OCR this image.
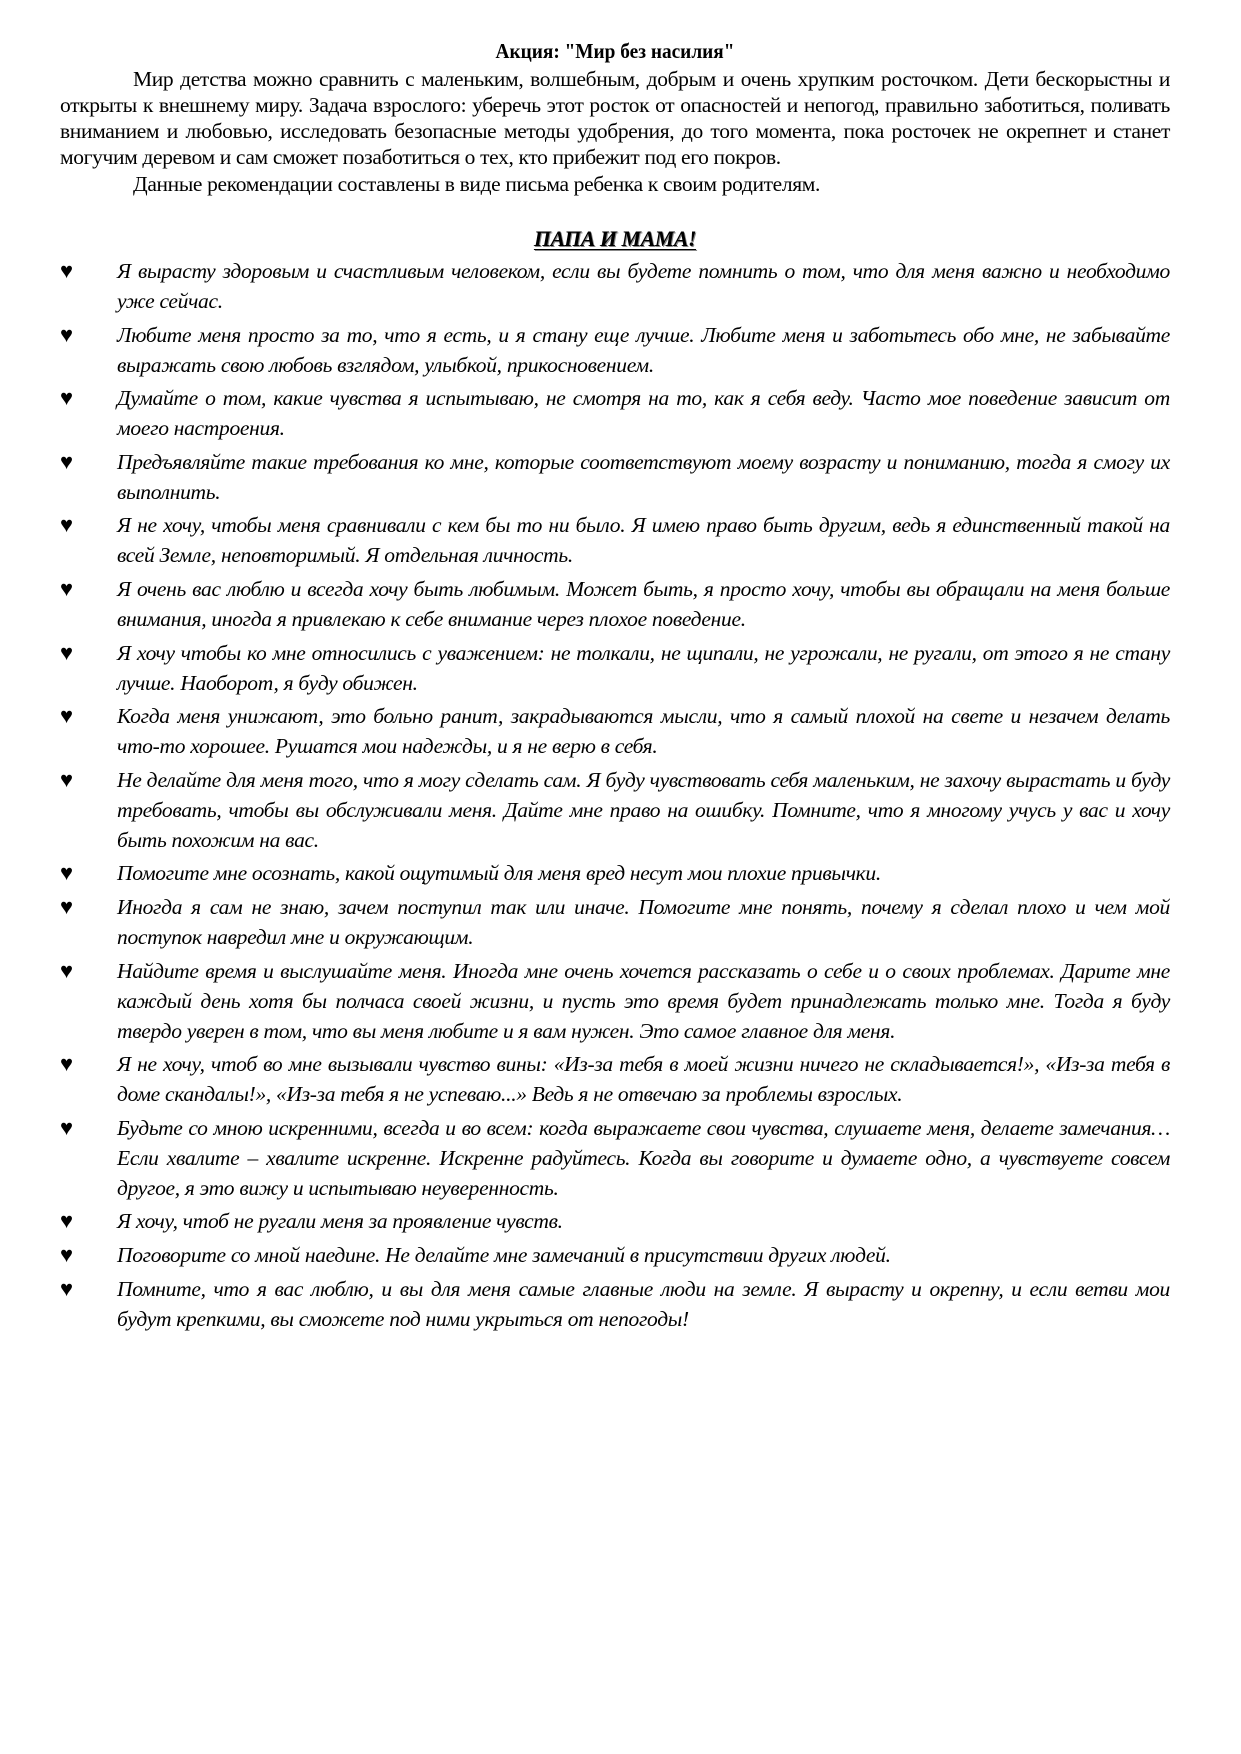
Акция: "Мир без насилия"

Мир детства можно сравнить с маленьким, волшебным, добрым и очень хрупким росточком. Дети бескорыстны и открыты к внешнему миру. Задача взрослого: уберечь этот росток от опасностей и непогод, правильно заботиться, поливать вниманием и любовью, исследовать безопасные методы удобрения, до того момента, пока росточек не окрепнет и станет могучим деревом и сам сможет позаботиться о тех, кто прибежит под его покров.

Данные рекомендации составлены в виде письма ребенка к своим родителям.

ПАПА И МАМА!
♥ Я вырасту здоровым и счастливым человеком, если вы будете помнить о том, что для меня важно и необходимо уже сейчас.
♥ Любите меня просто за то, что я есть, и я стану еще лучше. Любите меня и заботьтесь обо мне, не забывайте выражать свою любовь взглядом, улыбкой, прикосновением.
♥ Думайте о том, какие чувства я испытываю, не смотря на то, как я себя веду. Часто мое поведение зависит от моего настроения.
♥ Предъявляйте такие требования ко мне, которые соответствуют моему возрасту и пониманию, тогда я смогу их выполнить.
♥ Я не хочу, чтобы меня сравнивали с кем бы то ни было. Я имею право быть другим, ведь я единственный такой на всей Земле, неповторимый. Я отдельная личность.
♥ Я очень вас люблю и всегда хочу быть любимым. Может быть, я просто хочу, чтобы вы обращали на меня больше внимания, иногда я привлекаю к себе внимание через плохое поведение.
♥ Я хочу чтобы ко мне относились с уважением: не толкали, не щипали, не угрожали, не ругали, от этого я не стану лучше. Наоборот, я буду обижен.
♥ Когда меня унижают, это больно ранит, закрадываются мысли, что я самый плохой на свете и незачем делать что-то хорошее. Рушатся мои надежды, и я не верю в себя.
♥ Не делайте для меня того, что я могу сделать сам. Я буду чувствовать себя маленьким, не захочу вырастать и буду требовать, чтобы вы обслуживали меня. Дайте мне право на ошибку. Помните, что я многому учусь у вас и хочу быть похожим на вас.
♥ Помогите мне осознать, какой ощутимый для меня вред несут мои плохие привычки.
♥ Иногда я сам не знаю, зачем поступил так или иначе. Помогите мне понять, почему я сделал плохо и чем мой поступок навредил мне и окружающим.
♥ Найдите время и выслушайте меня. Иногда мне очень хочется рассказать о себе и о своих проблемах. Дарите мне каждый день хотя бы полчаса своей жизни, и пусть это время будет принадлежать только мне. Тогда я буду твердо уверен в том, что вы меня любите и я вам нужен. Это самое главное для меня.
♥ Я не хочу, чтоб во мне вызывали чувство вины: «Из-за тебя в моей жизни ничего не складывается!», «Из-за тебя в доме скандалы!», «Из-за тебя я не успеваю...» Ведь я не отвечаю за проблемы взрослых.
♥ Будьте со мною искренними, всегда и во всем: когда выражаете свои чувства, слушаете меня, делаете замечания… Если хвалите – хвалите искренне. Искренне радуйтесь. Когда вы говорите и думаете одно, а чувствуете совсем другое, я это вижу и испытываю неуверенность.
♥ Я хочу, чтоб не ругали меня за проявление чувств.
♥ Поговорите со мной наедине. Не делайте мне замечаний в присутствии других людей.
♥ Помните, что я вас люблю, и вы для меня самые главные люди на земле. Я вырасту и окрепну, и если ветви мои будут крепкими, вы сможете под ними укрыться от непогоды!
